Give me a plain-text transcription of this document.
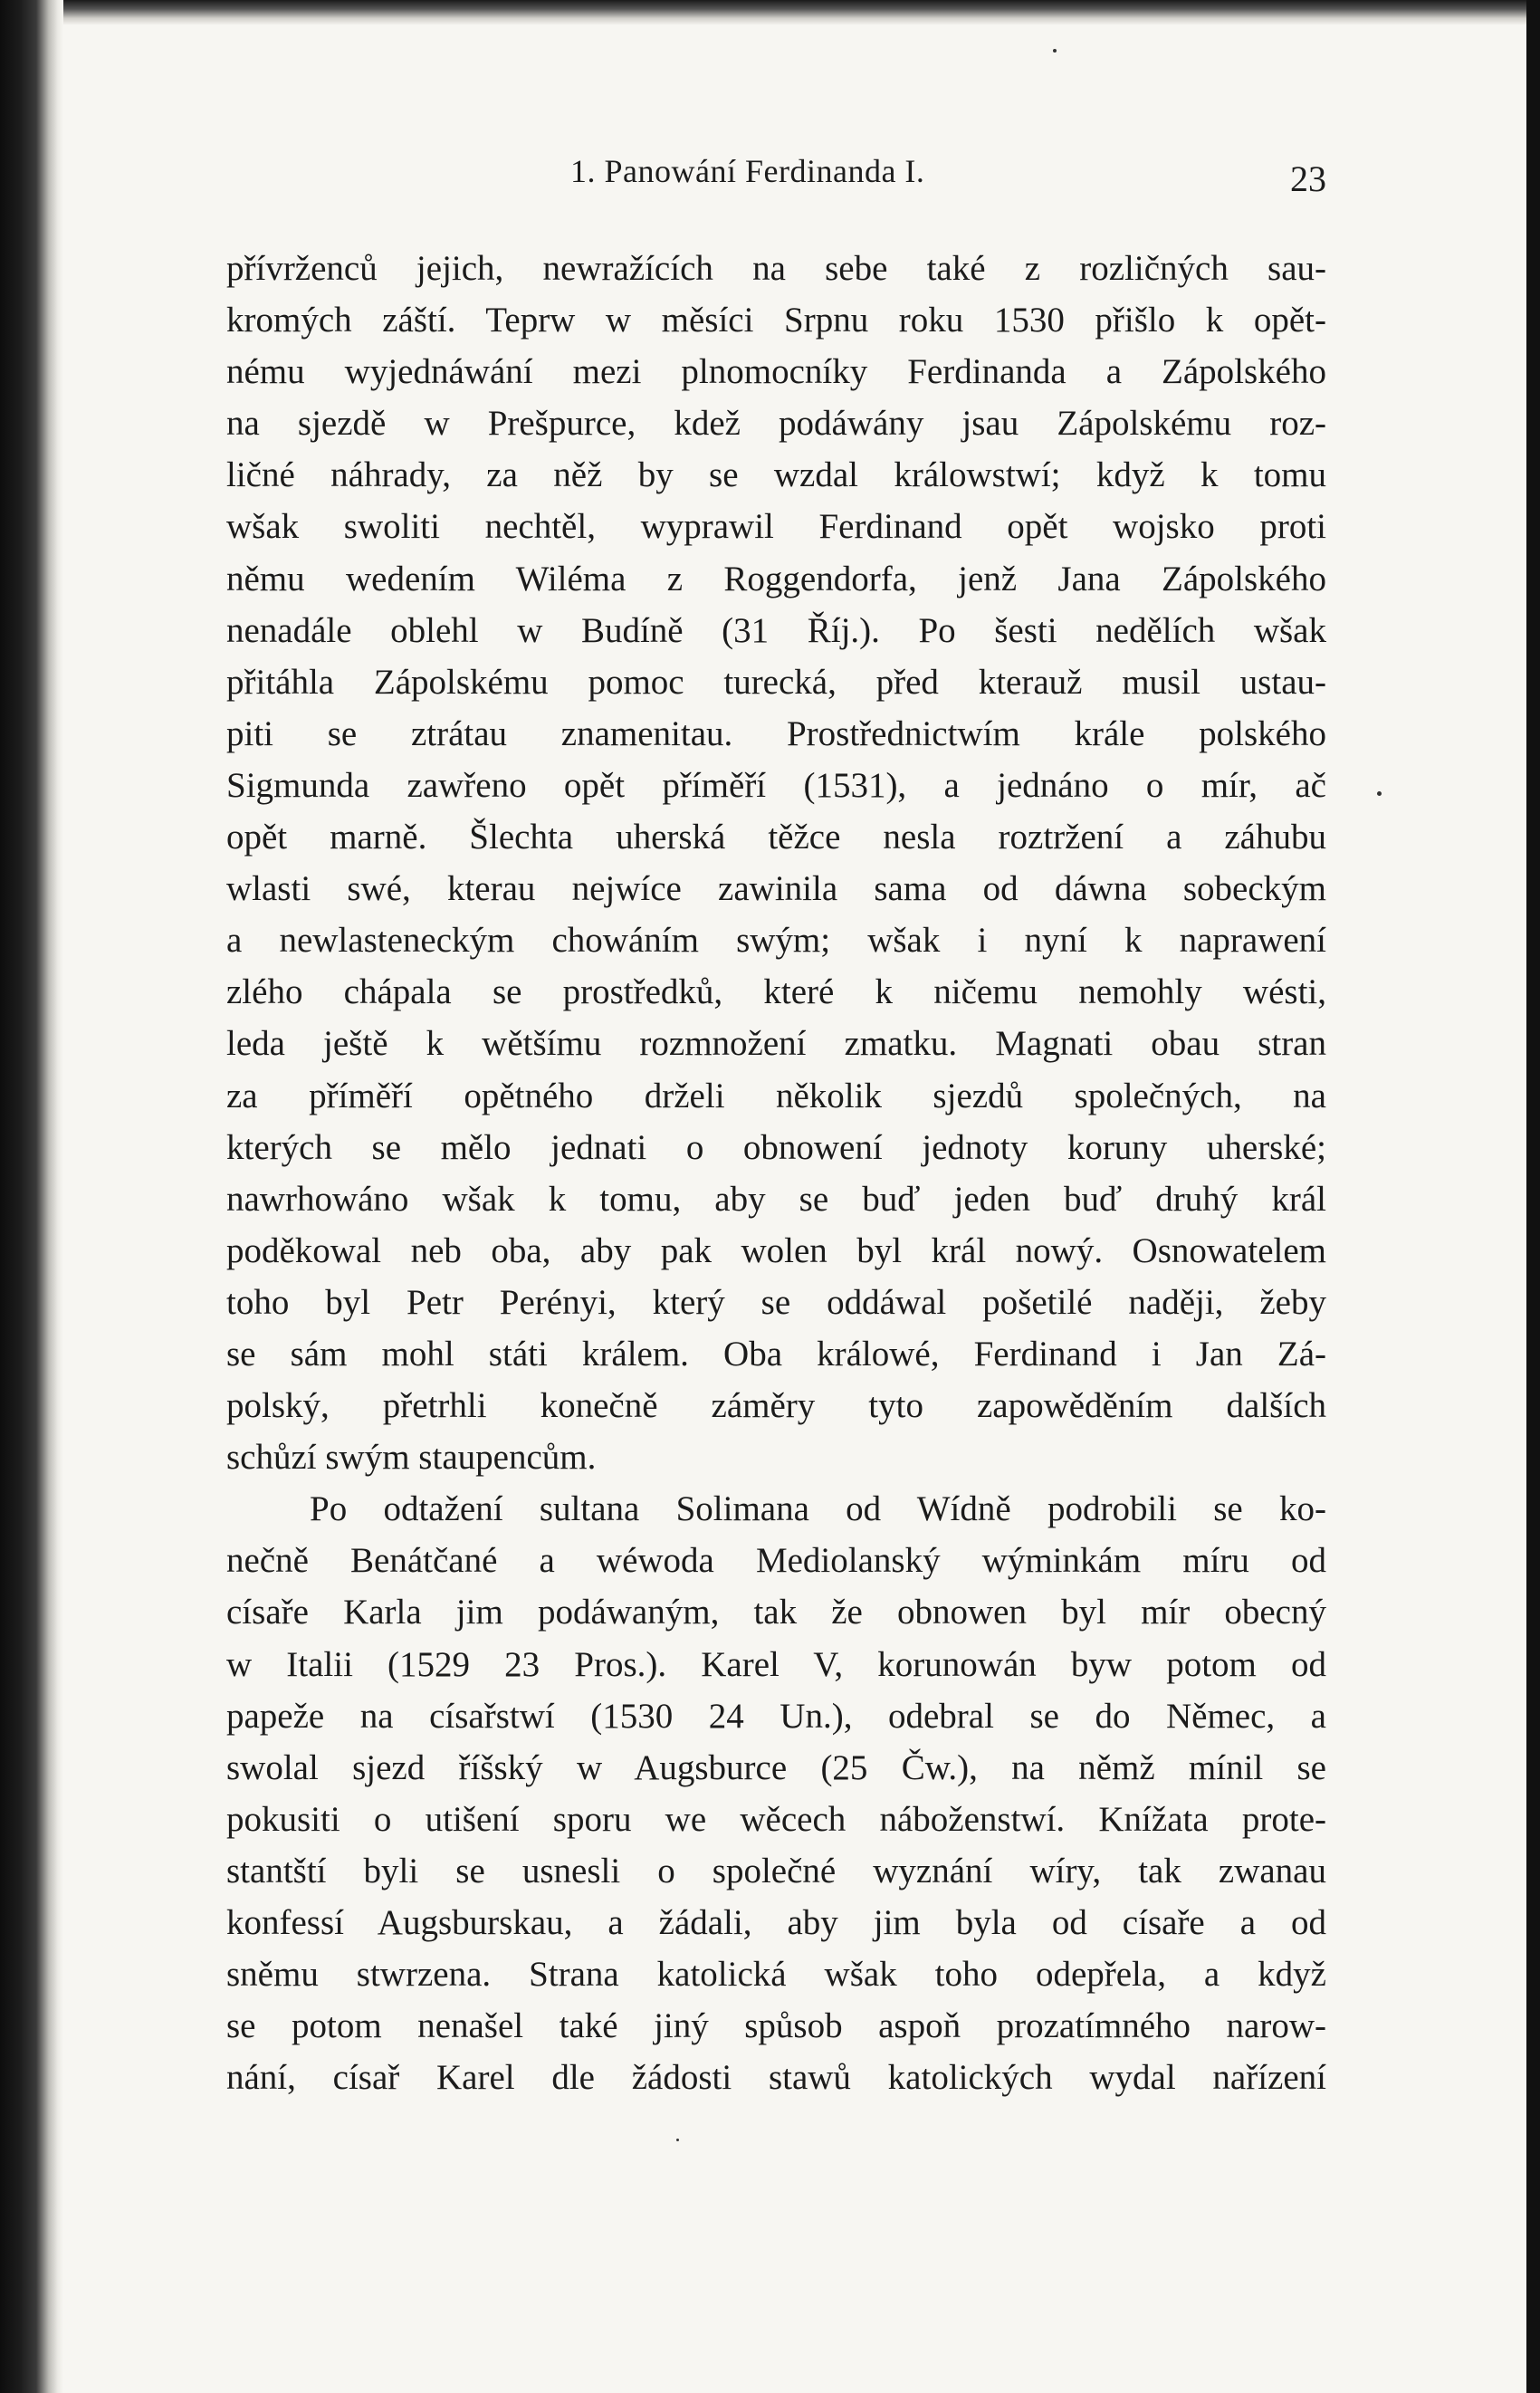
1. Panowání Ferdinanda I.	23
přívrženců jejich, newražících na sebe také z rozličných sau-
kromých záští. Teprw w měsíci Srpnu roku 1530 přišlo k opět-
nému wyjednáwání mezi plnomocníky Ferdinanda a Zápolského
na sjezdě w Prešpurce, kdež podáwány jsau Zápolskému roz-
ličné náhrady, za něž by se wzdal králowstwí; když k tomu
wšak swoliti nechtěl, wyprawil Ferdinand opět wojsko proti
němu wedením Wiléma z Roggendorfa, jenž Jana Zápolského
nenadále oblehl w Budíně (31 Říj.). Po šesti nedělích wšak
přitáhla Zápolskému pomoc turecká, před kterauž musil ustau-
piti se ztrátau znamenitau. Prostřednictwím krále polského
Sigmunda zawřeno opět příměří (1531), a jednáno o mír, ač
opět marně. Šlechta uherská těžce nesla roztržení a záhubu
wlasti swé, kterau nejwíce zawinila sama od dáwna sobeckým
a newlasteneckým chowáním swým; wšak i nyní k naprawení
zlého chápala se prostředků, které k ničemu nemohly wésti,
leda ještě k wětšímu rozmnožení zmatku. Magnati obau stran
za příměří opětného drželi několik sjezdů společných, na
kterých se mělo jednati o obnowení jednoty koruny uherské;
nawrhowáno wšak k tomu, aby se buď jeden buď druhý král
poděkowal neb oba, aby pak wolen byl král nowý. Osnowatelem
toho byl Petr Perényi, který se oddáwal pošetilé naději, žeby
se sám mohl státi králem. Oba králowé, Ferdinand i Jan Zá-
polský, přetrhli konečně záměry tyto zapowěděním dalších
schůzí swým staupencům.
Po odtažení sultana Solimana od Wídně podrobili se ko-
nečně Benátčané a wéwoda Mediolanský wýminkám míru od
císaře Karla jim podáwaným, tak že obnowen byl mír obecný
w Italii (1529 23 Pros.). Karel V, korunowán byw potom od
papeže na císařstwí (1530 24 Un.), odebral se do Němec, a
swolal sjezd říšský w Augsburce (25 Čw.), na němž mínil se
pokusiti o utišení sporu we wěcech náboženstwí. Knížata prote-
stantští byli se usnesli o společné wyznání wíry, tak zwanau
konfessí Augsburskau, a žádali, aby jim byla od císaře a od
sněmu stwrzena. Strana katolická wšak toho odepřela, a když
se potom nenašel také jiný spůsob aspoň prozatímného narow-
nání, císař Karel dle žádosti stawů katolických wydal nařízení
